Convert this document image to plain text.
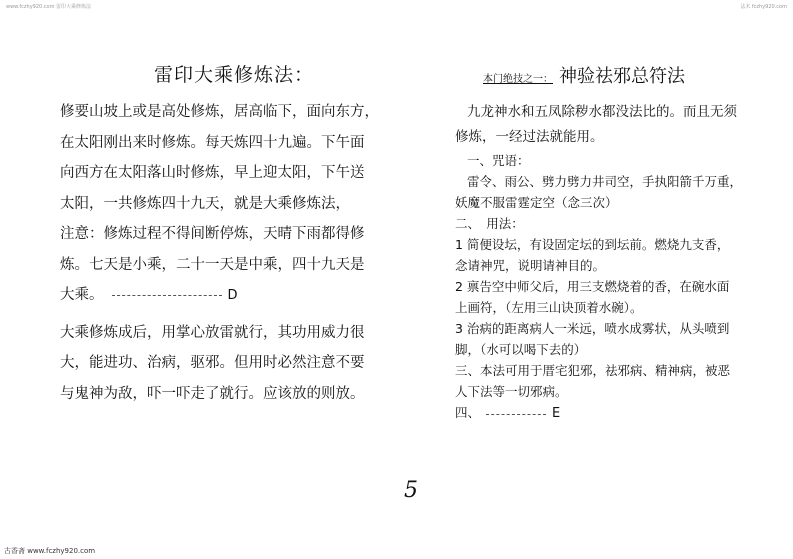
www.fczhy920.com 雷印大乘修炼法	法术 fczhy920.com
雷印大乘修炼法：

修要山坡上或是高处修炼，居高临下，面向东方，

在太阳刚出来时修炼。每天炼四十九遍。下午面

向西方在太阳落山时修炼，早上迎太阳，下午送

太阳，一共修炼四十九天，就是大乘修炼法，

注意：修炼过程不得间断停炼，天晴下雨都得修

炼。七天是小乘，二十一天是中乘，四十九天是

大乘。	D

大乘修炼成后，用掌心放雷就行，其功用威力很

大，能进功、治病，驱邪。但用时必然注意不要

与鬼神为敌，吓一吓走了就行。应该放的则放。

本门绝技之一： 神验祛邪总符法

九龙神水和五凤除秽水都没法比的。而且无须

修炼，一经过法就能用。

一、咒语：

雷令、雨公、劈力劈力井司空，手执阳箭千万重，

妖魔不服雷霆定空（念三次）

二、　用法：

1 简便设坛，有设固定坛的到坛前。燃烧九支香，

念请神咒，说明请神目的。

2 禀告空中师父后，用三支燃烧着的香，在碗水面

上画符，（左用三山诀顶着水碗）。

3 治病的距离病人一米远，喷水成雾状，从头喷到

脚，（水可以喝下去的）

三、本法可用于厝宅犯邪，祛邪病、精神病，被恶

人下法等一切邪病。

四、	E

5
古香斋 www.fczhy920.com
